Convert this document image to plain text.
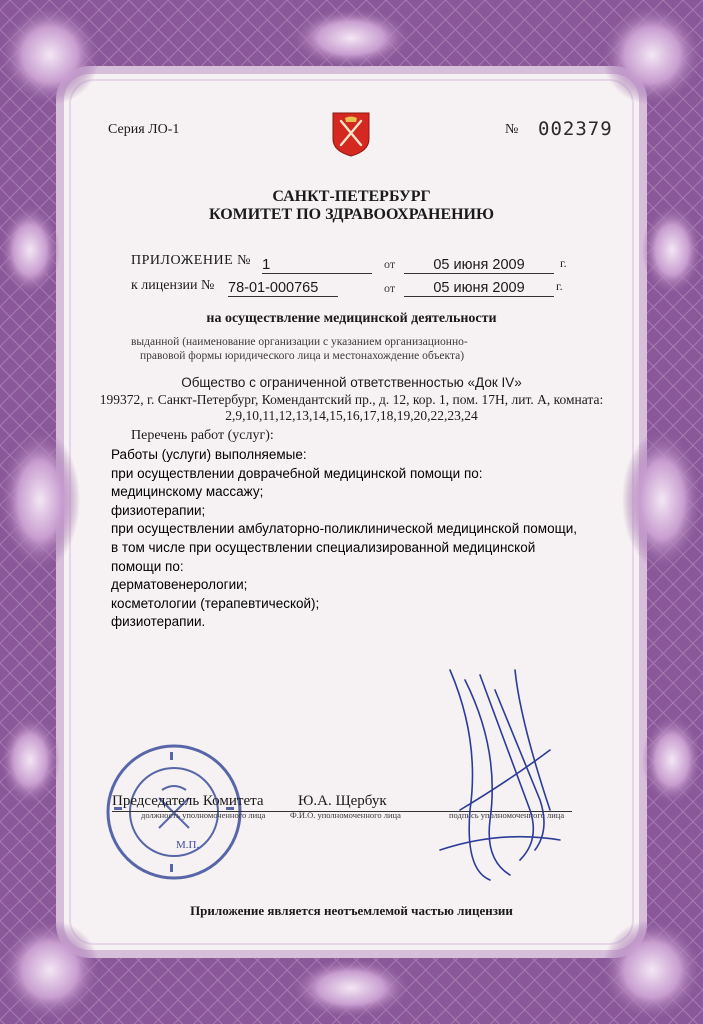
Серия ЛО-1	№ 002379

САНКТ-ПЕТЕРБУРГ

КОМИТЕТ ПО ЗДРАВООХРАНЕНИЮ

ПРИЛОЖЕНИЕ № 1	от	05 июня 2009	г.

к лицензии № 78-01-000765	от	05 июня 2009	г.

на осуществление медицинской деятельности

выданной (наименование организации с указанием организационно-

правовой формы юридического лица и местонахождение объекта)

Общество с ограниченной ответственностью «Док IV»

199372, г. Санкт-Петербург, Комендантский пр., д. 12, кор. 1, пом. 17Н, лит. А, комната:

2,9,10,11,12,13,14,15,16,17,18,19,20,22,23,24

Перечень работ (услуг):

Работы (услуги) выполняемые:
при осуществлении доврачебной медицинской помощи по:
медицинскому массажу;
физиотерапии;
при осуществлении амбулаторно-поликлинической медицинской помощи,
в том числе при осуществлении специализированной медицинской
помощи по:
дерматовенерологии;
косметологии (терапевтической);
физиотерапии.

М.П.

Председатель Комитета

должность уполномоченного лица

Ю.А. Щербук

Ф.И.О. уполномоченного лица	подпись уполномоченного лица

Приложение является неотъемлемой частью лицензии
